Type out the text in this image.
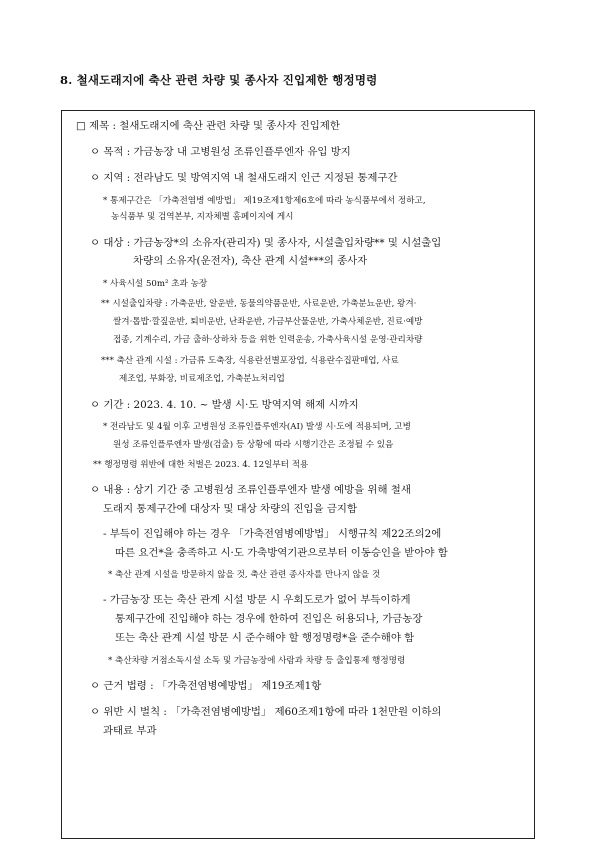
8. 철새도래지에 축산 관련 차량 및 종사자 진입제한 행정명령
□ 제목 : 철새도래지에 축산 관련 차량 및 종사자 진입제한
ㅇ 목적 : 가금농장 내 고병원성 조류인플루엔자 유입 방지
ㅇ 지역 : 전라남도 및 방역지역 내 철새도래지 인근 지정된 통제구간
* 통제구간은 「가축전염병 예방법」 제19조제1항제6호에 따라 농식품부에서 정하고,
농식품부 및 검역본부, 지자체별 홈페이지에 게시
ㅇ 대상 : 가금농장*의 소유자(관리자) 및 종사자, 시설출입차량** 및 시설출입
차량의 소유자(운전자), 축산 관계 시설***의 종사자
* 사육시설 50m² 초과 농장
** 시설출입차량 : 가축운반, 알운반, 동물의약품운반, 사료운반, 가축분뇨운반, 왕겨·
쌀겨·톱밥·깔짚운반, 퇴비운반, 난좌운반, 가금부산물운반, 가축사체운반, 진료·예방
접종, 기계수리, 가금 출하·상하차 등을 위한 인력운송, 가축사육시설 운영·관리차량
*** 축산 관계 시설 : 가금류 도축장, 식용란선별포장업, 식용란수집판매업, 사료
제조업, 부화장, 비료제조업, 가축분뇨처리업
ㅇ 기간 : 2023. 4. 10. ~ 발생 시·도 방역지역 해제 시까지
* 전라남도 및 4월 이후 고병원성 조류인플루엔자(AI) 발생 시·도에 적용되며, 고병
원성 조류인플루엔자 발생(검출) 등 상황에 따라 시행기간은 조정될 수 있음
** 행정명령 위반에 대한 처벌은 2023. 4. 12일부터 적용
ㅇ 내용 : 상기 기간 중 고병원성 조류인플루엔자 발생 예방을 위해 철새
도래지 통제구간에 대상자 및 대상 차량의 진입을 금지함
- 부득이 진입해야 하는 경우 「가축전염병예방법」 시행규칙 제22조의2에
따른 요건*을 충족하고 시·도 가축방역기관으로부터 이동승인을 받아야 함
* 축산 관계 시설을 방문하지 않을 것, 축산 관련 종사자를 만나지 않을 것
- 가금농장 또는 축산 관계 시설 방문 시 우회도로가 없어 부득이하게
통제구간에 진입해야 하는 경우에 한하여 진입은 허용되나, 가금농장
또는 축산 관계 시설 방문 시 준수해야 할 행정명령*을 준수해야 함
* 축산차량 거점소독시설 소독 및 가금농장에 사람과 차량 등 출입통제 행정명령
ㅇ 근거 법령 : 「가축전염병예방법」 제19조제1항
ㅇ 위반 시 벌칙 : 「가축전염병예방법」 제60조제1항에 따라 1천만원 이하의
과태료 부과
